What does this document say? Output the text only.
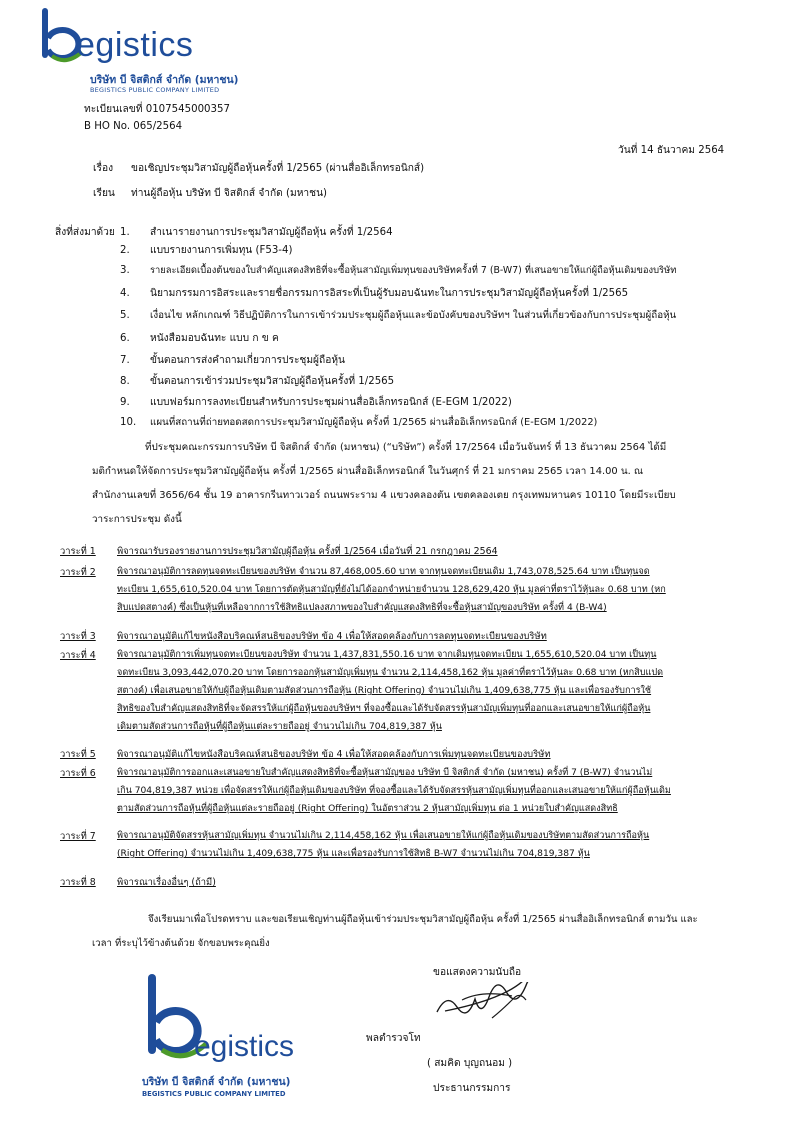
egistics
บริษัท บี จิสติกส์ จำกัด (มหาชน)
BEGISTICS PUBLIC COMPANY LIMITED
ทะเบียนเลขที่ 0107545000357
B HO No. 065/2564
วันที่ 14 ธันวาคม 2564
เรื่อง ขอเชิญประชุมวิสามัญผู้ถือหุ้นครั้งที่ 1/2565 (ผ่านสื่ออิเล็กทรอนิกส์)
เรียน ท่านผู้ถือหุ้น บริษัท บี จิสติกส์ จำกัด (มหาชน)
สิ่งที่ส่งมาด้วย 1. สำเนารายงานการประชุมวิสามัญผู้ถือหุ้น ครั้งที่ 1/2564
2. แบบรายงานการเพิ่มทุน (F53-4)
3. รายละเอียดเบื้องต้นของใบสำคัญแสดงสิทธิที่จะซื้อหุ้นสามัญเพิ่มทุนของบริษัทครั้งที่ 7 (B-W7) ที่เสนอขายให้แก่ผู้ถือหุ้นเดิมของบริษัท
4. นิยามกรรมการอิสระและรายชื่อกรรมการอิสระที่เป็นผู้รับมอบฉันทะในการประชุมวิสามัญผู้ถือหุ้นครั้งที่ 1/2565
5. เงื่อนไข หลักเกณฑ์ วิธีปฏิบัติการในการเข้าร่วมประชุมผู้ถือหุ้นและข้อบังคับของบริษัทฯ ในส่วนที่เกี่ยวข้องกับการประชุมผู้ถือหุ้น
6. หนังสือมอบฉันทะ แบบ ก ข ค
7. ขั้นตอนการส่งคำถามเกี่ยวการประชุมผู้ถือหุ้น
8. ขั้นตอนการเข้าร่วมประชุมวิสามัญผู้ถือหุ้นครั้งที่ 1/2565
9. แบบฟอร์มการลงทะเบียนสำหรับการประชุมผ่านสื่ออิเล็กทรอนิกส์ (E-EGM 1/2022)
10. แผนที่สถานที่ถ่ายทอดสดการประชุมวิสามัญผู้ถือหุ้น ครั้งที่ 1/2565 ผ่านสื่ออิเล็กทรอนิกส์ (E-EGM 1/2022)
ที่ประชุมคณะกรรมการบริษัท บี จิสติกส์ จำกัด (มหาชน) (“บริษัท”) ครั้งที่ 17/2564 เมื่อวันจันทร์ ที่ 13 ธันวาคม 2564 ได้มี
มติกำหนดให้จัดการประชุมวิสามัญผู้ถือหุ้น ครั้งที่ 1/2565 ผ่านสื่ออิเล็กทรอนิกส์ ในวันศุกร์ ที่ 21 มกราคม 2565 เวลา 14.00 น. ณ
สำนักงานเลขที่ 3656/64 ชั้น 19 อาคารกรีนทาวเวอร์ ถนนพระราม 4 แขวงคลองตัน เขตคลองเตย กรุงเทพมหานคร 10110 โดยมีระเบียบ
วาระการประชุม ดังนี้
วาระที่ 1 พิจารณารับรองรายงานการประชุมวิสามัญผู้ถือหุ้น ครั้งที่ 1/2564 เมื่อวันที่ 21 กรกฎาคม 2564
วาระที่ 2 พิจารณาอนุมัติการลดทุนจดทะเบียนของบริษัท จำนวน 87,468,005.60 บาท จากทุนจดทะเบียนเดิม 1,743,078,525.64 บาท เป็นทุนจด
ทะเบียน 1,655,610,520.04 บาท โดยการตัดหุ้นสามัญที่ยังไม่ได้ออกจำหน่ายจำนวน 128,629,420 หุ้น มูลค่าที่ตราไว้หุ้นละ 0.68 บาท (หก
สิบแปดสตางค์) ซึ่งเป็นหุ้นที่เหลือจากการใช้สิทธิแปลงสภาพของใบสำคัญแสดงสิทธิที่จะซื้อหุ้นสามัญของบริษัท ครั้งที่ 4 (B-W4)
วาระที่ 3 พิจารณาอนุมัติแก้ไขหนังสือบริคณห์สนธิของบริษัท ข้อ 4 เพื่อให้สอดคล้องกับการลดทุนจดทะเบียนของบริษัท
วาระที่ 4 พิจารณาอนุมัติการเพิ่มทุนจดทะเบียนของบริษัท จำนวน 1,437,831,550.16 บาท จากเดิมทุนจดทะเบียน 1,655,610,520.04 บาท เป็นทุน
จดทะเบียน 3,093,442,070.20 บาท โดยการออกหุ้นสามัญเพิ่มทุน จำนวน 2,114,458,162 หุ้น มูลค่าที่ตราไว้หุ้นละ 0.68 บาท (หกสิบแปด
สตางค์) เพื่อเสนอขายให้กับผู้ถือหุ้นเดิมตามสัดส่วนการถือหุ้น (Right Offering) จำนวนไม่เกิน 1,409,638,775 หุ้น และเพื่อรองรับการใช้
สิทธิของใบสำคัญแสดงสิทธิที่จะจัดสรรให้แก่ผู้ถือหุ้นของบริษัทฯ ที่จองซื้อและได้รับจัดสรรหุ้นสามัญเพิ่มทุนที่ออกและเสนอขายให้แก่ผู้ถือหุ้น
เดิมตามสัดส่วนการถือหุ้นที่ผู้ถือหุ้นแต่ละรายถืออยู่ จำนวนไม่เกิน 704,819,387 หุ้น
วาระที่ 5 พิจารณาอนุมัติแก้ไขหนังสือบริคณห์สนธิของบริษัท ข้อ 4 เพื่อให้สอดคล้องกับการเพิ่มทุนจดทะเบียนของบริษัท
วาระที่ 6 พิจารณาอนุมัติการออกและเสนอขายใบสำคัญแสดงสิทธิที่จะซื้อหุ้นสามัญของ บริษัท บี จิสติกส์ จำกัด (มหาชน) ครั้งที่ 7 (B-W7) จำนวนไม่
เกิน 704,819,387 หน่วย เพื่อจัดสรรให้แก่ผู้ถือหุ้นเดิมของบริษัท ที่จองซื้อและได้รับจัดสรรหุ้นสามัญเพิ่มทุนที่ออกและเสนอขายให้แก่ผู้ถือหุ้นเดิม
ตามสัดส่วนการถือหุ้นที่ผู้ถือหุ้นแต่ละรายถืออยู่ (Right Offering) ในอัตราส่วน 2 หุ้นสามัญเพิ่มทุน ต่อ 1 หน่วยใบสำคัญแสดงสิทธิ
วาระที่ 7 พิจารณาอนุมัติจัดสรรหุ้นสามัญเพิ่มทุน จำนวนไม่เกิน 2,114,458,162 หุ้น เพื่อเสนอขายให้แก่ผู้ถือหุ้นเดิมของบริษัทตามสัดส่วนการถือหุ้น
(Right Offering) จำนวนไม่เกิน 1,409,638,775 หุ้น และเพื่อรองรับการใช้สิทธิ B-W7 จำนวนไม่เกิน 704,819,387 หุ้น
วาระที่ 8 พิจารณาเรื่องอื่นๆ (ถ้ามี)
จึงเรียนมาเพื่อโปรดทราบ และขอเรียนเชิญท่านผู้ถือหุ้นเข้าร่วมประชุมวิสามัญผู้ถือหุ้น ครั้งที่ 1/2565 ผ่านสื่ออิเล็กทรอนิกส์ ตามวัน และ
เวลา ที่ระบุไว้ข้างต้นด้วย จักขอบพระคุณยิ่ง
egistics
บริษัท บี จิสติกส์ จำกัด (มหาชน)
BEGISTICS PUBLIC COMPANY LIMITED
ขอแสดงความนับถือ
พลตำรวจโท
( สมคิด บุญถนอม )
ประธานกรรมการ
